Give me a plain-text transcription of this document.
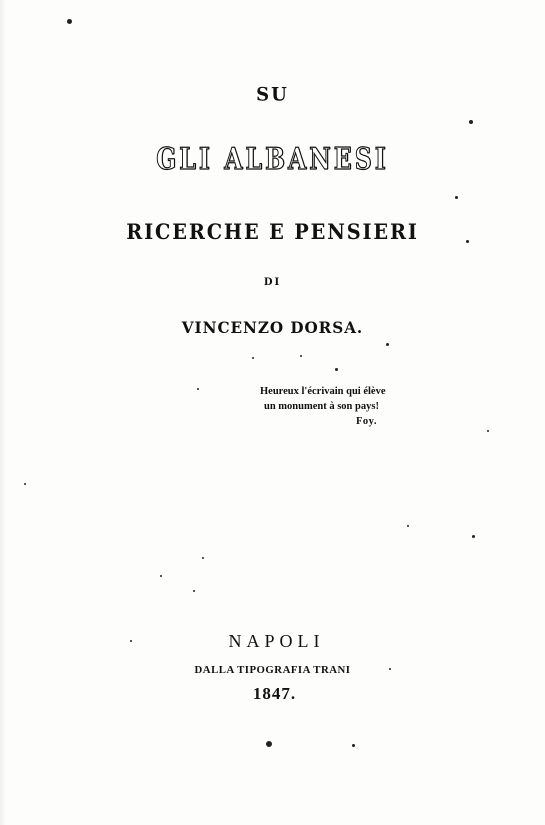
SU
GLI ALBANESI
RICERCHE E PENSIERI
DI
VINCENZO DORSA.
Heureux l'écrivain qui élève
un monument à son pays!
Foy.
NAPOLI
DALLA TIPOGRAFIA TRANI
1847.
